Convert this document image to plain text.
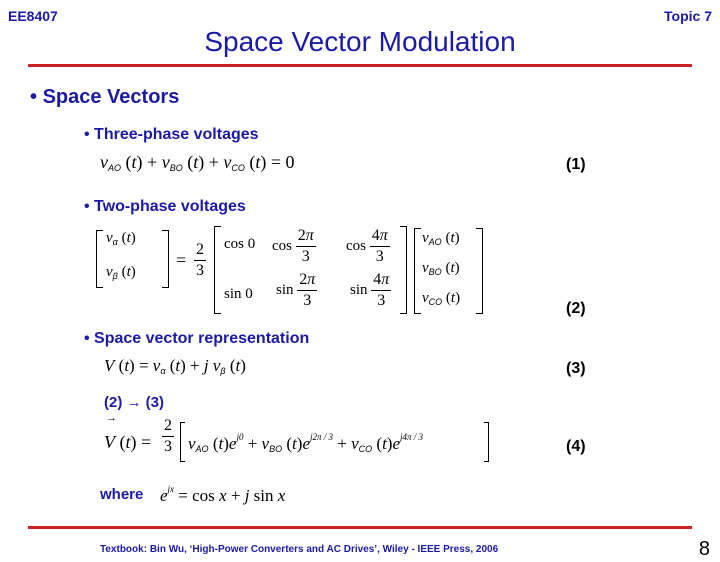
EE8407	Topic 7
Space Vector Modulation
• Space Vectors
• Three-phase voltages
$v_{AO}$ $(t) + v_{BO}$ $(t) + v_{CO}$ (t) = 0	(1)
• Two-phase voltages
$v_\alpha$ (t)
$v_\beta$ (t)
= $\frac{2}{3}$ cos 0 $\cos \frac{2\pi}{3}$ $\cos \frac{4\pi}{3}$
sin 0 $\sin \frac{2\pi}{3}$ $\sin \frac{4\pi}{3}$
$v_{AO}$ (t)
$v_{BO}$ (t)
$v_{CO}$ (t)
(2)
• Space vector representation
V $(t) = v_\alpha$ (t) + j $v_\beta$ (t)	(3)
(2) → (3)
→
V $(t) = \frac{2}{3} v_{AO}$ $(t)e^{j0} + v_{BO}$ $(t)e^{j2\pi / 3} + v_{CO}$ $(t)e^{j4\pi / 3}$
(4)
where $e^{jx} = \cos x + j$ sin x
Textbook: Bin Wu, ‘High-Power Converters and AC Drives’, Wiley - IEEE Press, 2006	8
